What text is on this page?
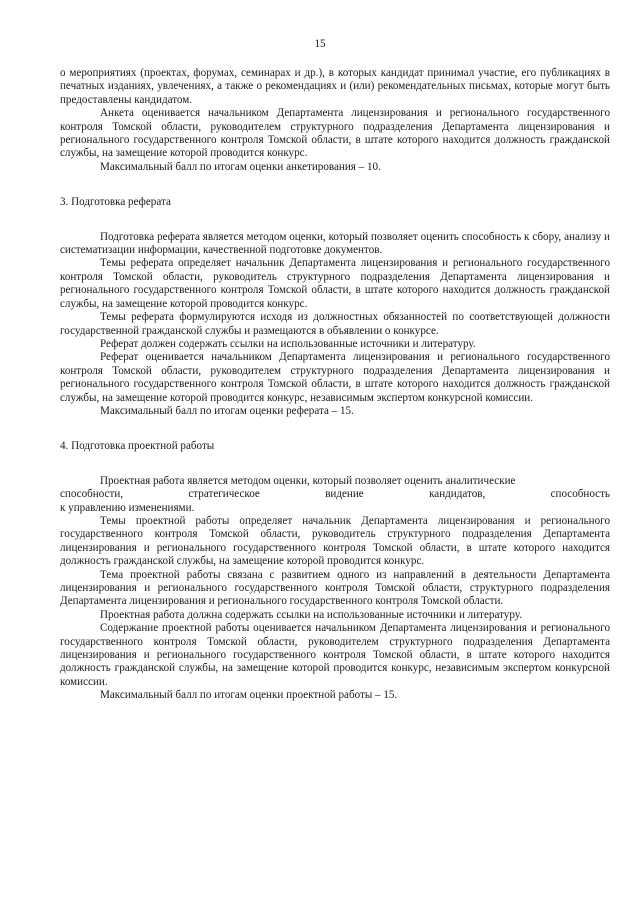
15

о мероприятиях (проектах, форумах, семинарах и др.), в которых кандидат принимал участие, его публикациях в печатных изданиях, увлечениях, а также о рекомендациях и (или) рекомендательных письмах, которые могут быть предоставлены кандидатом.

Анкета оценивается начальником Департамента лицензирования и регионального государственного контроля Томской области, руководителем структурного подразделения Департамента лицензирования и регионального государственного контроля Томской области, в штате которого находится должность гражданской службы, на замещение которой проводится конкурс.

Максимальный балл по итогам оценки анкетирования – 10.

3. Подготовка реферата

Подготовка реферата является методом оценки, который позволяет оценить способность к сбору, анализу и систематизации информации, качественной подготовке документов.

Темы реферата определяет начальник Департамента лицензирования и регионального государственного контроля Томской области, руководитель структурного подразделения Департамента лицензирования и регионального государственного контроля Томской области, в штате которого находится должность гражданской службы, на замещение которой проводится конкурс.

Темы реферата формулируются исходя из должностных обязанностей по соответствующей должности государственной гражданской службы и размещаются в объявлении о конкурсе.

Реферат должен содержать ссылки на использованные источники и литературу.

Реферат оценивается начальником Департамента лицензирования и регионального государственного контроля Томской области, руководителем структурного подразделения Департамента лицензирования и регионального государственного контроля Томской области, в штате которого находится должность гражданской службы, на замещение которой проводится конкурс, независимым экспертом конкурсной комиссии.

Максимальный балл по итогам оценки реферата – 15.

4. Подготовка проектной работы

Проектная работа является методом оценки, который позволяет оценить аналитические

способности, стратегическое видение кандидатов, способность

к управлению изменениями.

Темы проектной работы определяет начальник Департамента лицензирования и регионального государственного контроля Томской области, руководитель структурного подразделения Департамента лицензирования и регионального государственного контроля Томской области, в штате которого находится должность гражданской службы, на замещение которой проводится конкурс.

Тема проектной работы связана с развитием одного из направлений в деятельности Департамента лицензирования и регионального государственного контроля Томской области, структурного подразделения Департамента лицензирования и регионального государственного контроля Томской области.

Проектная работа должна содержать ссылки на использованные источники и литературу.

Содержание проектной работы оценивается начальником Департамента лицензирования и регионального государственного контроля Томской области, руководителем структурного подразделения Департамента лицензирования и регионального государственного контроля Томской области, в штате которого находится должность гражданской службы, на замещение которой проводится конкурс, независимым экспертом конкурсной комиссии.

Максимальный балл по итогам оценки проектной работы – 15.
